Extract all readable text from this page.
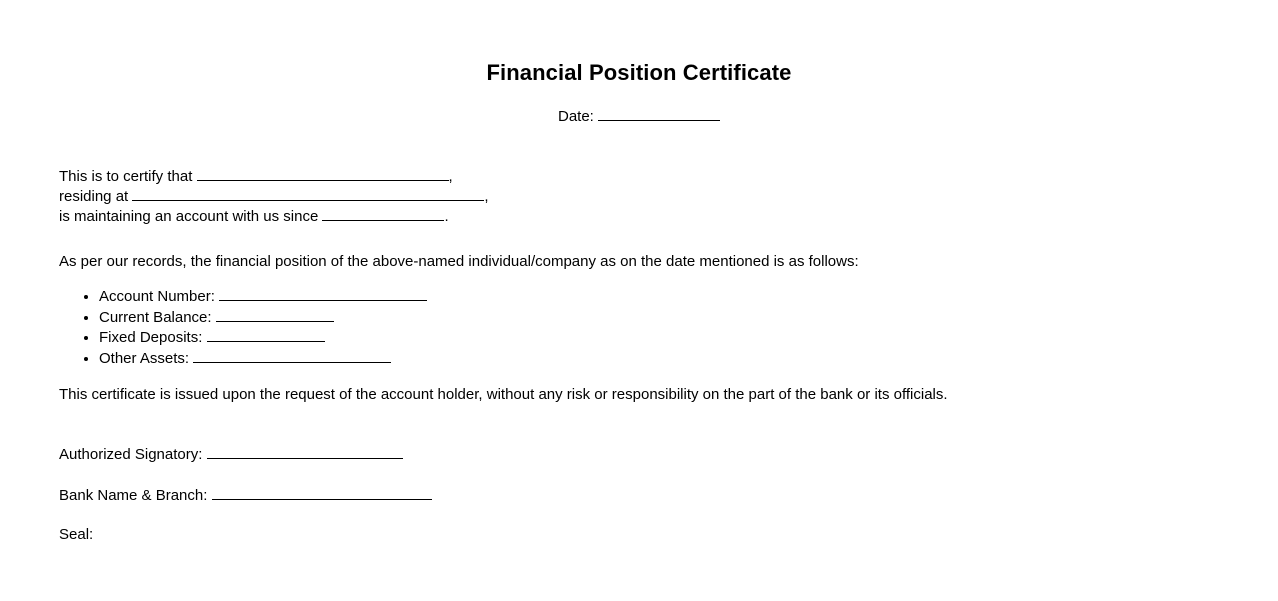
Financial Position Certificate
Date:
This is to certify that	,
residing at	,
is maintaining an account with us since	.
As per our records, the financial position of the above-named individual/company as on the date mentioned is as follows:
• Account Number:
• Current Balance:
• Fixed Deposits:
• Other Assets:
This certificate is issued upon the request of the account holder, without any risk or responsibility on the part of the bank or its officials.
Authorized Signatory:
Bank Name & Branch:
Seal:
